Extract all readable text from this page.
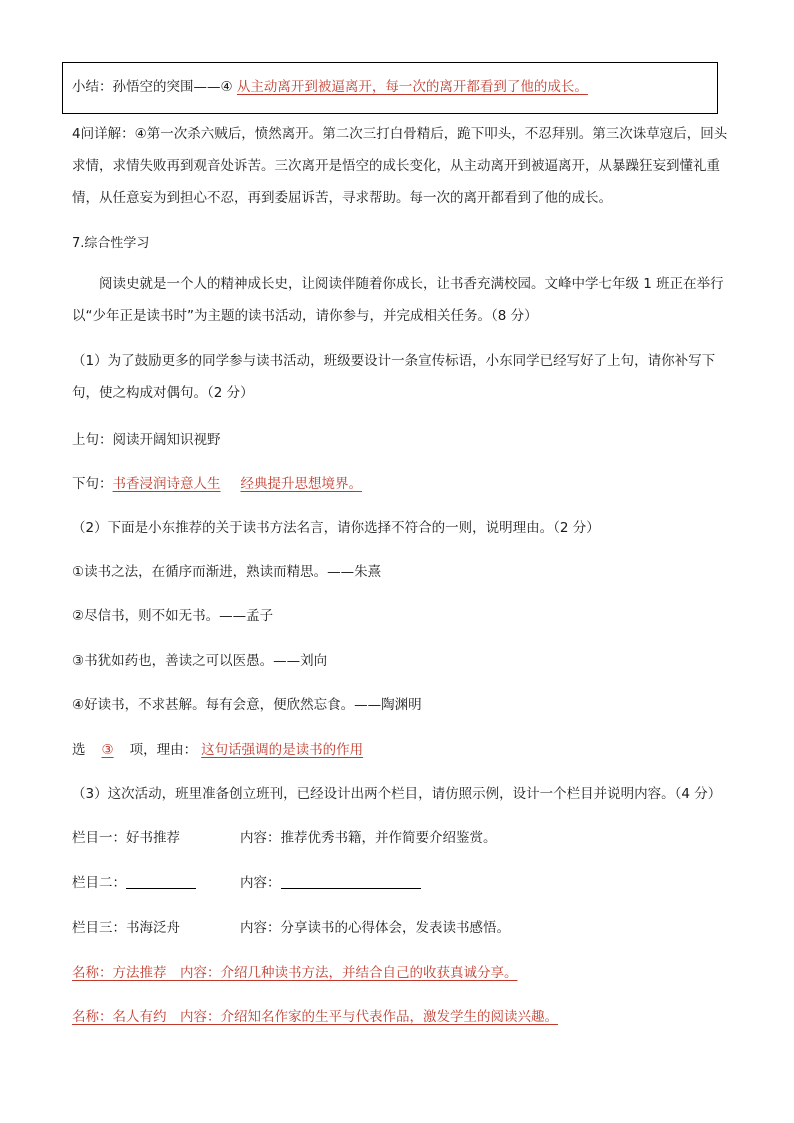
小结：孙悟空的突围——④ 从主动离开到被逼离开，每一次的离开都看到了他的成长。
4问详解：④第一次杀六贼后，愤然离开。第二次三打白骨精后，跪下叩头，不忍拜别。第三次诛草寇后，回头求情，求情失败再到观音处诉苦。三次离开是悟空的成长变化，从主动离开到被逼离开，从暴躁狂妄到懂礼重情，从任意妄为到担心不忍，再到委屈诉苦，寻求帮助。每一次的离开都看到了他的成长。
7.综合性学习
阅读史就是一个人的精神成长史，让阅读伴随着你成长，让书香充满校园。文峰中学七年级 1 班正在举行以“少年正是读书时”为主题的读书活动，请你参与，并完成相关任务。（8 分）
（1）为了鼓励更多的同学参与读书活动，班级要设计一条宣传标语，小东同学已经写好了上句，请你补写下句，使之构成对偶句。（2 分）
上句：阅读开阔知识视野
下句：书香浸润诗意人生 经典提升思想境界。
（2）下面是小东推荐的关于读书方法名言，请你选择不符合的一则，说明理由。（2 分）
①读书之法，在循序而渐进，熟读而精思。——朱熹
②尽信书，则不如无书。——孟子
③书犹如药也，善读之可以医愚。——刘向
④好读书，不求甚解。每有会意，便欣然忘食。——陶渊明
选 ③ 项，理由： 这句话强调的是读书的作用
（3）这次活动，班里准备创立班刊，已经设计出两个栏目，请仿照示例，设计一个栏目并说明内容。（4 分）
栏目一：好书推荐	内容：推荐优秀书籍，并作简要介绍鉴赏。
栏目二：	内容：
栏目三：书海泛舟	内容：分享读书的心得体会，发表读书感悟。
名称：方法推荐　内容：介绍几种读书方法，并结合自己的收获真诚分享。
名称：名人有约　内容：介绍知名作家的生平与代表作品，激发学生的阅读兴趣。
